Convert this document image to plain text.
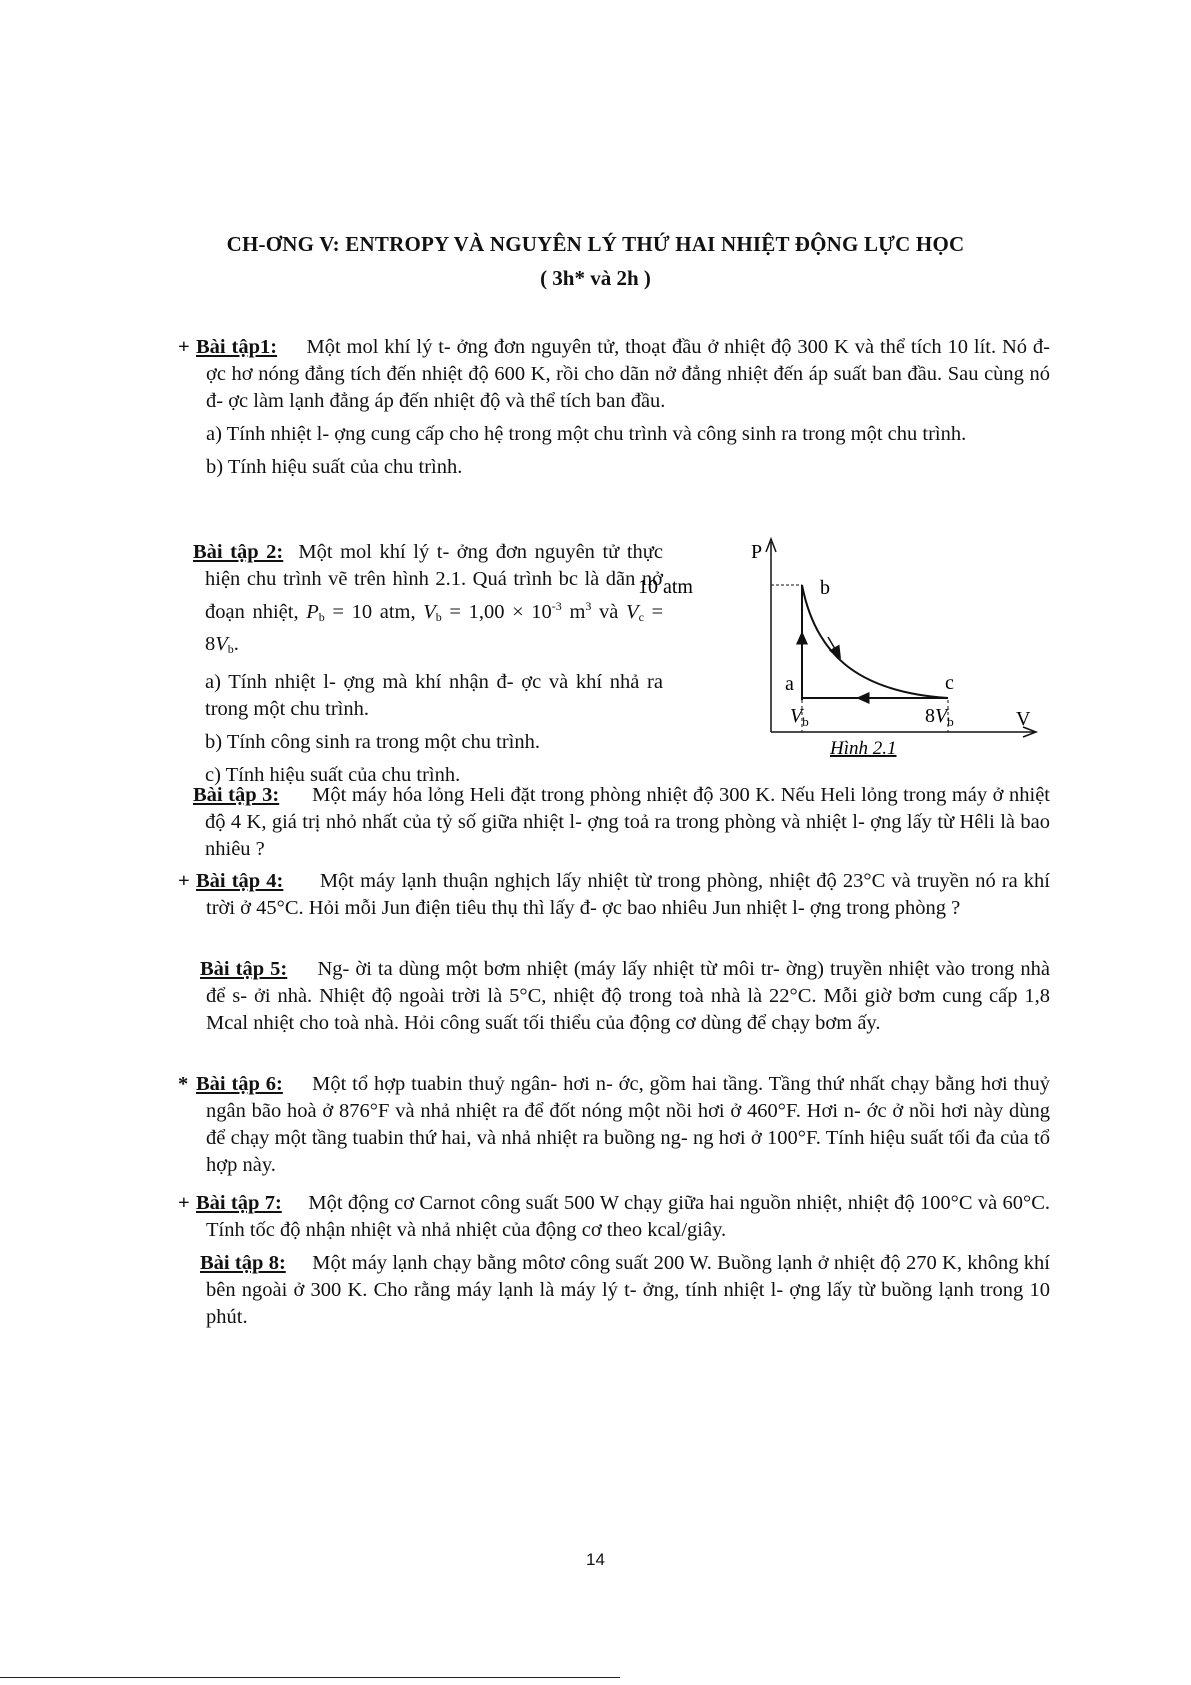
CH-ƠNG V: ENTROPY VÀ NGUYÊN LÝ THỨ HAI NHIỆT ĐỘNG LỰC HỌC
( 3h* và 2h )

+ Bài tập1: Một mol khí lý t- ởng đơn nguyên tử, thoạt đầu ở nhiệt độ 300 K và thể tích 10 lít. Nó đ- ợc hơ nóng đẳng tích đến nhiệt độ 600 K, rồi cho dãn nở đẳng nhiệt đến áp suất ban đầu. Sau cùng nó đ- ợc làm lạnh đẳng áp đến nhiệt độ và thể tích ban đầu.

a) Tính nhiệt l- ợng cung cấp cho hệ trong một chu trình và công sinh ra trong một chu trình.

b) Tính hiệu suất của chu trình.

Bài tập 2: Một mol khí lý t- ởng đơn nguyên tử thực hiện chu trình vẽ trên hình 2.1. Quá trình bc là dãn nở đoạn nhiệt, $P_b = 10$ atm, $V_b = 1,00 \times 10^{-3}$ $m^3$ và $V_c = 8V_b$.

a) Tính nhiệt l- ợng mà khí nhận đ- ợc và khí nhả ra trong một chu trình.

b) Tính công sinh ra trong một chu trình.

c) Tính hiệu suất của chu trình.

P
V
10 atm
a
b
c
$V_b$	$8V_b$
Hình 2.1

Bài tập 3: Một máy hóa lỏng Heli đặt trong phòng nhiệt độ 300 K. Nếu Heli lỏng trong máy ở nhiệt độ 4 K, giá trị nhỏ nhất của tỷ số giữa nhiệt l- ợng toả ra trong phòng và nhiệt l- ợng lấy từ Hêli là bao nhiêu ?

+ Bài tập 4: Một máy lạnh thuận nghịch lấy nhiệt từ trong phòng, nhiệt độ 23°C và truyền nó ra khí trời ở 45°C. Hỏi mỗi Jun điện tiêu thụ thì lấy đ- ợc bao nhiêu Jun nhiệt l- ợng trong phòng ?

Bài tập 5: Ng- ời ta dùng một bơm nhiệt (máy lấy nhiệt từ môi tr- ờng) truyền nhiệt vào trong nhà để s- ởi nhà. Nhiệt độ ngoài trời là 5°C, nhiệt độ trong toà nhà là 22°C. Mỗi giờ bơm cung cấp 1,8 Mcal nhiệt cho toà nhà. Hỏi công suất tối thiểu của động cơ dùng để chạy bơm ấy.

* Bài tập 6: Một tổ hợp tuabin thuỷ ngân- hơi n- ớc, gồm hai tầng. Tầng thứ nhất chạy bằng hơi thuỷ ngân bão hoà ở 876°F và nhả nhiệt ra để đốt nóng một nồi hơi ở 460°F. Hơi n- ớc ở nồi hơi này dùng để chạy một tầng tuabin thứ hai, và nhả nhiệt ra buồng ng- ng hơi ở 100°F. Tính hiệu suất tối đa của tổ hợp này.

+ Bài tập 7: Một động cơ Carnot công suất 500 W chạy giữa hai nguồn nhiệt, nhiệt độ 100°C và 60°C. Tính tốc độ nhận nhiệt và nhả nhiệt của động cơ theo kcal/giây.

Bài tập 8: Một máy lạnh chạy bằng môtơ công suất 200 W. Buồng lạnh ở nhiệt độ 270 K, không khí bên ngoài ở 300 K. Cho rằng máy lạnh là máy lý t- ởng, tính nhiệt l- ợng lấy từ buồng lạnh trong 10 phút.

14
